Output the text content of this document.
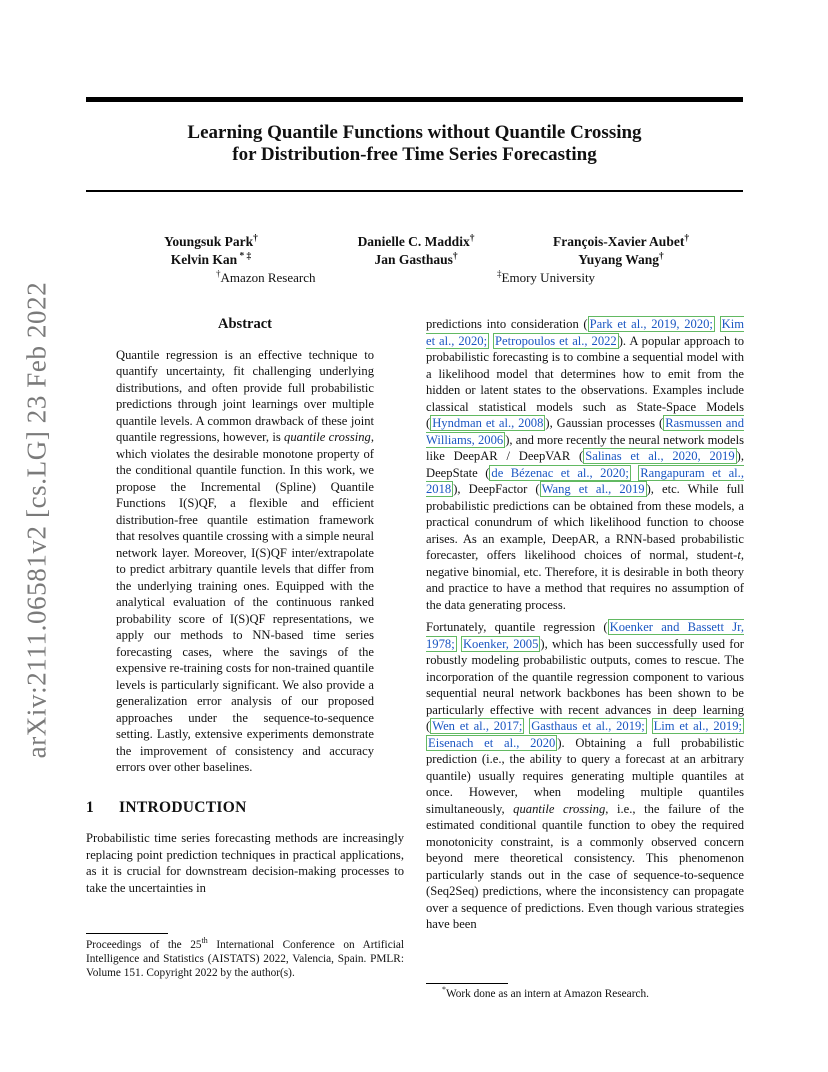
arXiv:2111.06581v2 [cs.LG] 23 Feb 2022
Learning Quantile Functions without Quantile Crossing
for Distribution-free Time Series Forecasting
Youngsuk Park†
Kelvin Kan * ‡
Danielle C. Maddix†
Jan Gasthaus†
François-Xavier Aubet†
Yuyang Wang†
†Amazon Research	‡Emory University
Abstract

Quantile regression is an effective technique to quantify uncertainty, fit challenging underlying distributions, and often provide full probabilistic predictions through joint learnings over multiple quantile levels. A common drawback of these joint quantile regressions, however, is quantile crossing, which violates the desirable monotone property of the conditional quantile function. In this work, we propose the Incremental (Spline) Quantile Functions I(S)QF, a flexible and efficient distribution-free quantile estimation framework that resolves quantile crossing with a simple neural network layer. Moreover, I(S)QF inter/extrapolate to predict arbitrary quantile levels that differ from the underlying training ones. Equipped with the analytical evaluation of the continuous ranked probability score of I(S)QF representations, we apply our methods to NN-based time series forecasting cases, where the savings of the expensive re-training costs for non-trained quantile levels is particularly significant. We also provide a generalization error analysis of our proposed approaches under the sequence-to-sequence setting. Lastly, extensive experiments demonstrate the improvement of consistency and accuracy errors over other baselines.

1 INTRODUCTION

Probabilistic time series forecasting methods are increasingly replacing point prediction techniques in practical applications, as it is crucial for downstream decision-making processes to take the uncertainties in

Proceedings of the 25th International Conference on Artificial Intelligence and Statistics (AISTATS) 2022, Valencia, Spain. PMLR: Volume 151. Copyright 2022 by the author(s).

predictions into consideration ( Park et al., 2019, 2020; Kim et al., 2020; Petropoulos et al., 2022 ). A popular approach to probabilistic forecasting is to combine a sequential model with a likelihood model that determines how to emit from the hidden or latent states to the observations. Examples include classical statistical models such as State-Space Models ( Hyndman et al., 2008 ), Gaussian processes ( Rasmussen and Williams, 2006 ), and more recently the neural network models like DeepAR / DeepVAR ( Salinas et al., 2020, 2019 ), DeepState ( de Bézenac et al., 2020; Rangapuram et al., 2018 ), DeepFactor ( Wang et al., 2019 ), etc. While full probabilistic predictions can be obtained from these models, a practical conundrum of which likelihood function to choose arises. As an example, DeepAR, a RNN-based probabilistic forecaster, offers likelihood choices of normal, student-t, negative binomial, etc. Therefore, it is desirable in both theory and practice to have a method that requires no assumption of the data generating process.

Fortunately, quantile regression ( Koenker and Bassett Jr, 1978; Koenker, 2005 ), which has been successfully used for robustly modeling probabilistic outputs, comes to rescue. The incorporation of the quantile regression component to various sequential neural network backbones has been shown to be particularly effective with recent advances in deep learning ( Wen et al., 2017; Gasthaus et al., 2019; Lim et al., 2019; Eisenach et al., 2020 ). Obtaining a full probabilistic prediction (i.e., the ability to query a forecast at an arbitrary quantile) usually requires generating multiple quantiles at once. However, when modeling multiple quantiles simultaneously, quantile crossing, i.e., the failure of the estimated conditional quantile function to obey the required monotonicity constraint, is a commonly observed concern beyond mere theoretical consistency. This phenomenon particularly stands out in the case of sequence-to-sequence (Seq2Seq) predictions, where the inconsistency can propagate over a sequence of predictions. Even though various strategies have been

*Work done as an intern at Amazon Research.
